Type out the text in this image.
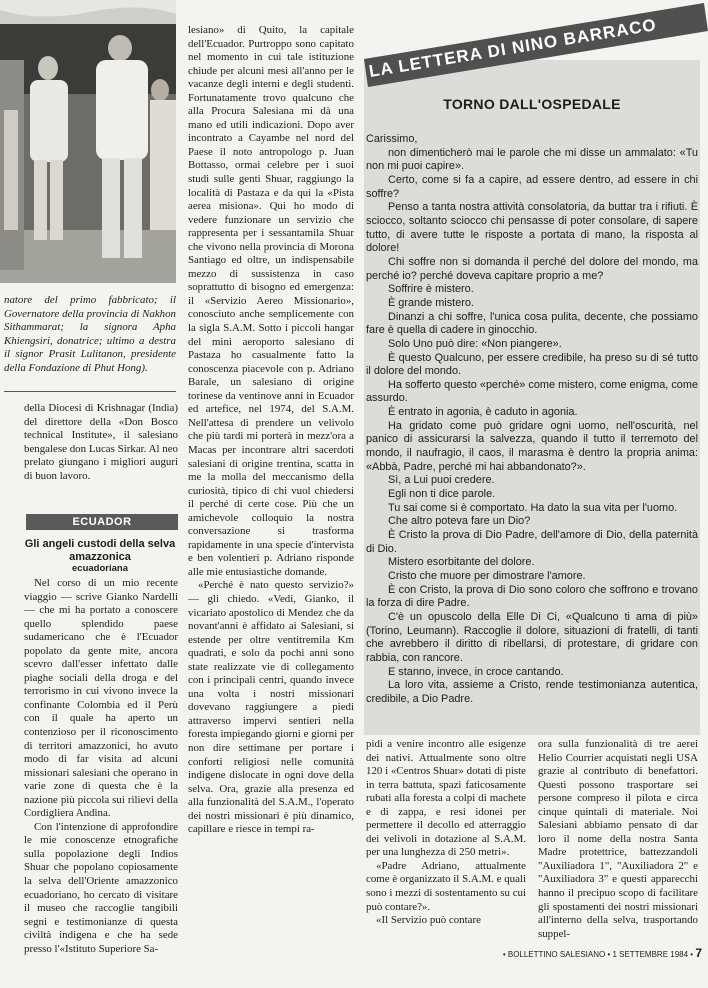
natore del primo fabbricato; il Governatore della provincia di Nakhon Sithammarat; la signora Apha Khiengsiri, donatrice; ultimo a destra il signor Prasit Lulitanon, presidente della Fondazione di Phut Hong).

della Diocesi di Krishnagar (India) del direttore della «Don Bosco technical Institute», il salesiano bengalese don Lucas Sirkar. Al neo prelato giungano i migliori auguri di buon lavoro.

ECUADOR
Gli angeli custodi della selva amazzonica
ecuadoriana

Nel corso di un mio recente viaggio — scrive Gianko Nardelli — che mi ha portato a conoscere quello splendido paese sudamericano che è l'Ecuador popolato da gente mite, ancora scevro dall'esser infettato dalle piaghe sociali della droga e del terrorismo in cui vivono invece la confinante Colombia ed il Perù con il quale ha aperto un contenzioso per il riconoscimento di territori amazzonici, ho avuto modo di far visita ad alcuni missionari salesiani che operano in varie zone di questa che è la nazione più piccola sui rilievi della Cordigliera Andina.

Con l'intenzione di approfondire le mie conoscenze etnografiche sulla popolazione degli Indios Shuar che popolano copiosamente la selva dell'Oriente amazzonico ecuadoriano, ho cercato di visitare il museo che raccoglie tangibili segni e testimonianze di questa civiltà indigena e che ha sede presso l'«Istituto Superiore Sa-

lesiano» di Quito, la capitale dell'Ecuador. Purtroppo sono capitato nel momento in cui tale istituzione chiude per alcuni mesi all'anno per le vacanze degli interni e degli studenti. Fortunatamente trovo qualcuno che alla Procura Salesiana mi dà una mano ed utili indicazioni. Dopo aver incontrato a Cayambe nel nord del Paese il noto antropologo p. Juan Bottasso, ormai celebre per i suoi studi sulle genti Shuar, raggiungo la località di Pastaza e da qui la «Pista aerea misiona». Qui ho modo di vedere funzionare un servizio che rappresenta per i sessantamila Shuar che vivono nella provincia di Morona Santiago ed oltre, un indispensabile mezzo di sussistenza in caso soprattutto di bisogno ed emergenza: il «Servizio Aereo Missionario», conosciuto anche semplicemente con la sigla S.A.M. Sotto i piccoli hangar del mini aeroporto salesiano di Pastaza ho casualmente fatto la conoscenza piacevole con p. Adriano Barale, un salesiano di origine torinese da ventinove anni in Ecuador ed artefice, nel 1974, del S.A.M. Nell'attesa di prendere un velivolo che più tardi mi porterà in mezz'ora a Macas per incontrare altri sacerdoti salesiani di origine trentina, scatta in me la molla del meccanismo della curiosità, tipico di chi vuol chiedersi il perché di certe cose. Più che un amichevole colloquio la nostra conversazione si trasforma rapidamente in una specie d'intervista e ben volentieri p. Adriano risponde alle mie entusiastiche domande.

«Perché è nato questo servizio?» — gli chiedo. «Vedi, Gianko, il vicariato apostolico di Mendez che da novant'anni è affidato ai Salesiani, si estende per oltre ventitremila Km quadrati, e solo da pochi anni sono state realizzate vie di collegamento con i principali centri, quando invece una volta i nostri missionari dovevano raggiungere a piedi attraverso impervi sentieri nella foresta impiegando giorni e giorni per non dire settimane per portare i conforti religiosi nelle comunità indigene dislocate in ogni dove della selva. Ora, grazie alla presenza ed alla funzionalità del S.A.M., l'operato dei nostri missionari è più dinamico, capillare e riesce in tempi ra-

pidi a venire incontro alle esigenze dei nativi. Attualmente sono oltre 120 i «Centros Shuar» dotati di piste in terra battuta, spazi faticosamente rubati alla foresta a colpi di machete e di zappa, e resi idonei per permettere il decollo ed atterraggio dei velivoli in dotazione al S.A.M. per una lunghezza di 250 metri».

«Padre Adriano, attualmente come è organizzato il S.A.M. e quali sono i mezzi di sostentamento su cui può contare?».

«Il Servizio può contare

ora sulla funzionalità di tre aerei Helio Courrier acquistati negli USA grazie al contributo di benefattori. Questi possono trasportare sei persone compreso il pilota e circa cinque quintali di materiale. Noi Salesiani abbiamo pensato di dar loro il nome della nostra Santa Madre protettrice, battezzandoli "Auxiliadora 1", "Auxiliadora 2" e "Auxiliadora 3" e questi apparecchi hanno il precipuo scopo di facilitare gli spostamenti dei nostri missionari all'interno della selva, trasportando suppel-

LA LETTERA DI NINO BARRACO
TORNO DALL'OSPEDALE

Carissimo,

non dimenticherò mai le parole che mi disse un ammalato: «Tu non mi puoi capire».

Certo, come si fa a capire, ad essere dentro, ad essere in chi soffre?

Penso a tanta nostra attività consolatoria, da buttar tra i rifiuti. È sciocco, soltanto sciocco chi pensasse di poter consolare, di sapere tutto, di avere tutte le risposte a portata di mano, la risposta al dolore!

Chi soffre non si domanda il perché del dolore del mondo, ma perché io? perché doveva capitare proprio a me?

Soffrire è mistero.

È grande mistero.

Dinanzi a chi soffre, l'unica cosa pulita, decente, che possiamo fare è quella di cadere in ginocchio.

Solo Uno può dire: «Non piangere».

È questo Qualcuno, per essere credibile, ha preso su di sé tutto il dolore del mondo.

Ha sofferto questo «perché» come mistero, come enigma, come assurdo.

È entrato in agonia, è caduto in agonia.

Ha gridato come può gridare ogni uomo, nell'oscurità, nel panico di assicurarsi la salvezza, quando il tutto il terremoto del mondo, il naufragio, il caos, il marasma è dentro la propria anima: «Abbà, Padre, perché mi hai abbandonato?».

Sì, a Lui puoi credere.

Egli non ti dice parole.

Tu sai come si è comportato. Ha dato la sua vita per l'uomo.

Che altro poteva fare un Dio?

È Cristo la prova di Dio Padre, dell'amore di Dio, della paternità di Dio.

Mistero esorbitante del dolore.

Cristo che muore per dimostrare l'amore.

È con Cristo, la prova di Dio sono coloro che soffrono e trovano la forza di dire Padre.

C'è un opuscolo della Elle Di Ci, «Qualcuno ti ama di più» (Torino, Leumann). Raccoglie il dolore, situazioni di fratelli, di tanti che avrebbero il diritto di ribellarsi, di protestare, di gridare con rabbia, con rancore.

E stanno, invece, in croce cantando.

La loro vita, assieme a Cristo, rende testimonianza autentica, credibile, a Dio Padre.

• BOLLETTINO SALESIANO • 1 SETTEMBRE 1984 • 7
